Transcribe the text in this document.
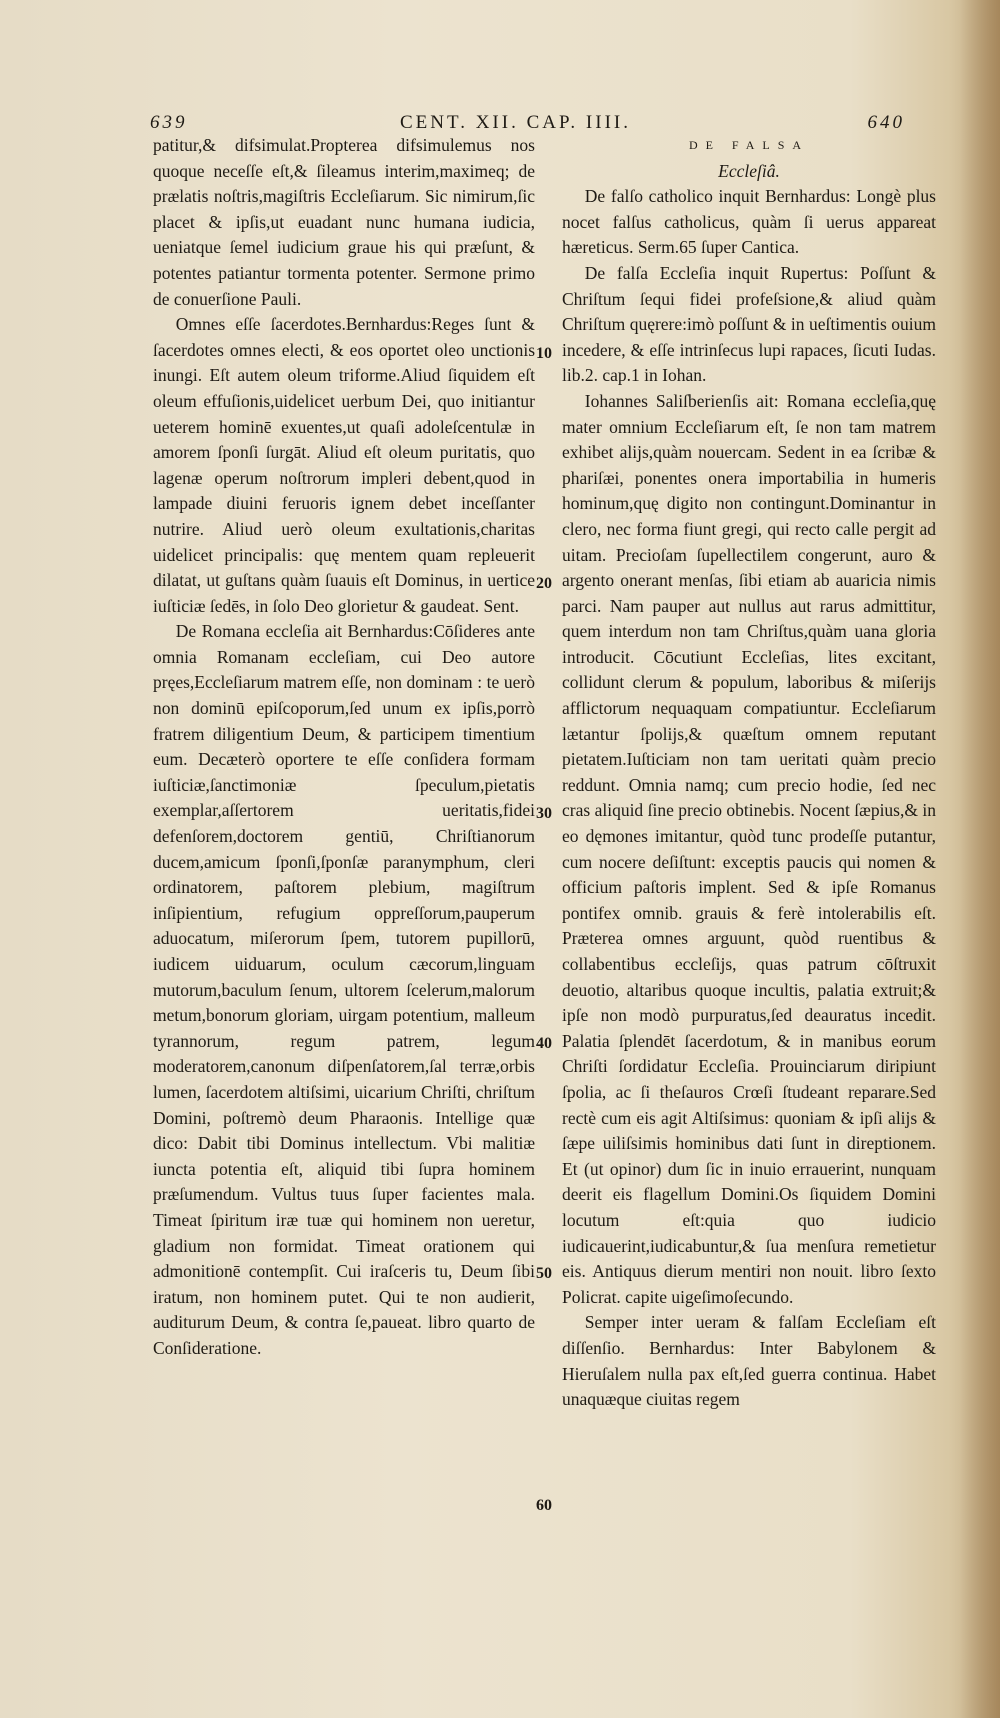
639	CENT. XII. CAP. IIII.	640

patitur,& difsimulat.Propterea difsimulemus nos quoque neceſſe eſt,& ſileamus interim,maximeq; de prælatis noſtris,magiſtris Eccleſiarum. Sic nimirum,ſic placet & ipſis,ut euadant nunc humana iudicia, ueniatque ſemel iudicium graue his qui præſunt, & potentes patiantur tormenta potenter. Sermone primo de conuerſione Pauli.

Omnes eſſe ſacerdotes.Bernhardus:Reges ſunt & ſacerdotes omnes electi, & eos oportet oleo unctionis inungi. Eſt autem oleum triforme.Aliud ſiquidem eſt oleum effuſionis,uidelicet uerbum Dei, quo initiantur ueterem hominē exuentes,ut quaſi adoleſcentulæ in amorem ſponſi ſurgāt. Aliud eſt oleum puritatis, quo lagenæ operum noſtrorum impleri debent,quod in lampade diuini feruoris ignem debet inceſſanter nutrire. Aliud uerò oleum exultationis,charitas uidelicet principalis: quę mentem quam repleuerit dilatat, ut guſtans quàm ſuauis eſt Dominus, in uertice iuſticiæ ſedēs, in ſolo Deo glorietur & gaudeat. Sent.

De Romana eccleſia ait Bernhardus:Cōſideres ante omnia Romanam eccleſiam, cui Deo autore pręes,Eccleſiarum matrem eſſe, non dominam : te uerò non dominū epiſcoporum,ſed unum ex ipſis,porrò fratrem diligentium Deum, & participem timentium eum. Decæterò oportere te eſſe conſidera formam iuſticiæ,ſanctimoniæ ſpeculum,pietatis exemplar,aſſertorem ueritatis,fidei defenſorem,doctorem gentiū, Chriſtianorum ducem,amicum ſponſi,ſponſæ paranymphum, cleri ordinatorem, paſtorem plebium, magiſtrum inſipientium, refugium oppreſſorum,pauperum aduocatum, miſerorum ſpem, tutorem pupillorū, iudicem uiduarum, oculum cæcorum,linguam mutorum,baculum ſenum, ultorem ſcelerum,malorum metum,bonorum gloriam, uirgam potentium, malleum tyrannorum, regum patrem, legum moderatorem,canonum diſpenſatorem,ſal terræ,orbis lumen, ſacerdotem altiſsimi, uicarium Chriſti, chriſtum Domini, poſtremò deum Pharaonis. Intellige quæ dico: Dabit tibi Dominus intellectum. Vbi malitiæ iuncta potentia eſt, aliquid tibi ſupra hominem præſumendum. Vultus tuus ſuper facientes mala. Timeat ſpiritum iræ tuæ qui hominem non ueretur, gladium non formidat. Timeat orationem qui admonitionē contempſit. Cui iraſceris tu, Deum ſibi iratum, non hominem putet. Qui te non audierit, auditurum Deum, & contra ſe,paueat. libro quarto de Conſideratione.

DE FALSA

Eccleſiâ.

De falſo catholico inquit Bernhardus: Longè plus nocet falſus catholicus, quàm ſi uerus appareat hæreticus. Serm.65 ſuper Cantica.

De falſa Eccleſia inquit Rupertus: Poſſunt & Chriſtum ſequi fidei profeſsione,& aliud quàm Chriſtum quęrere:imò poſſunt & in ueſtimentis ouium incedere, & eſſe intrinſecus lupi rapaces, ſicuti Iudas. lib.2. cap.1 in Iohan.

Iohannes Saliſberienſis ait: Romana eccleſia,quę mater omnium Eccleſiarum eſt, ſe non tam matrem exhibet alijs,quàm nouercam. Sedent in ea ſcribæ & phariſæi, ponentes onera importabilia in humeris hominum,quę digito non contingunt.Dominantur in clero, nec forma fiunt gregi, qui recto calle pergit ad uitam. Precioſam ſupellectilem congerunt, auro & argento onerant menſas, ſibi etiam ab auaricia nimis parci. Nam pauper aut nullus aut rarus admittitur, quem interdum non tam Chriſtus,quàm uana gloria introducit. Cōcutiunt Eccleſias, lites excitant, collidunt clerum & populum, laboribus & miſerijs afflictorum nequaquam compatiuntur. Eccleſiarum lætantur ſpolijs,& quæſtum omnem reputant pietatem.Iuſticiam non tam ueritati quàm precio reddunt. Omnia namq; cum precio hodie, ſed nec cras aliquid ſine precio obtinebis. Nocent ſæpius,& in eo dęmones imitantur, quòd tunc prodeſſe putantur, cum nocere deſiſtunt: exceptis paucis qui nomen & officium paſtoris implent. Sed & ipſe Romanus pontifex omnib. grauis & ferè intolerabilis eſt. Præterea omnes arguunt, quòd ruentibus & collabentibus eccleſijs, quas patrum cōſtruxit deuotio, altaribus quoque incultis, palatia extruit;& ipſe non modò purpuratus,ſed deauratus incedit. Palatia ſplendēt ſacerdotum, & in manibus eorum Chriſti ſordidatur Eccleſia. Prouinciarum diripiunt ſpolia, ac ſi theſauros Crœſi ſtudeant reparare.Sed rectè cum eis agit Altiſsimus: quoniam & ipſi alijs & ſæpe uiliſsimis hominibus dati ſunt in direptionem. Et (ut opinor) dum ſic in inuio errauerint, nunquam deerit eis flagellum Domini.Os ſiquidem Domini locutum eſt:quia quo iudicio iudicauerint,iudicabuntur,& ſua menſura remetietur eis. Antiquus dierum mentiri non nouit. libro ſexto Policrat. capite uigeſimoſecundo.

Semper inter ueram & falſam Eccleſiam eſt diſſenſio. Bernhardus: Inter Babylonem & Hieruſalem nulla pax eſt,ſed guerra continua. Habet unaquæque ciuitas regem

10
20
30
40
50
60
